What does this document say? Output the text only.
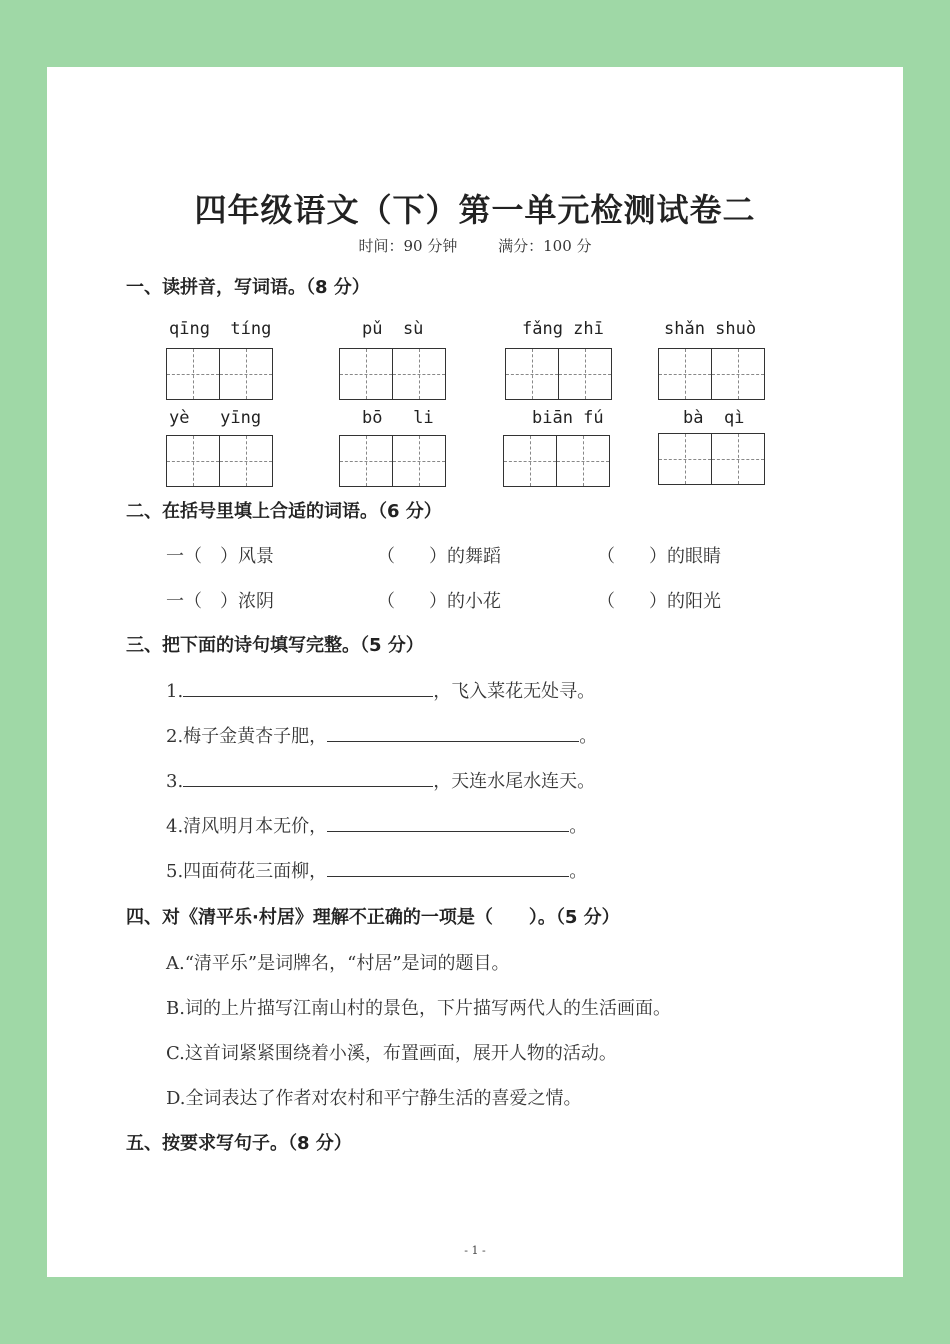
四年级语文（下）第一单元检测试卷二
时间：90 分钟	满分：100 分
一、读拼音，写词语。（8 分）
qīng  tíng	pǔ  sù	fǎng zhī	shǎn shuò
yè   yīng	bō   li	biān fú	bà  qì
二、在括号里填上合适的词语。（6 分）
一（ ）风景	（ ）的舞蹈	（ ）的眼睛
一（ ）浓阴	（ ）的小花	（ ）的阳光
三、把下面的诗句填写完整。（5 分）
1.	，飞入菜花无处寻。
2.梅子金黄杏子肥，	。
3.	，天连水尾水连天。
4.清风明月本无价，	。
5.四面荷花三面柳，	。
四、对《清平乐·村居》理解不正确的一项是（　　）。（5 分）
A.“清平乐”是词牌名，“村居”是词的题目。
B.词的上片描写江南山村的景色，下片描写两代人的生活画面。
C.这首词紧紧围绕着小溪，布置画面，展开人物的活动。
D.全词表达了作者对农村和平宁静生活的喜爱之情。
五、按要求写句子。（8 分）
- 1 -
